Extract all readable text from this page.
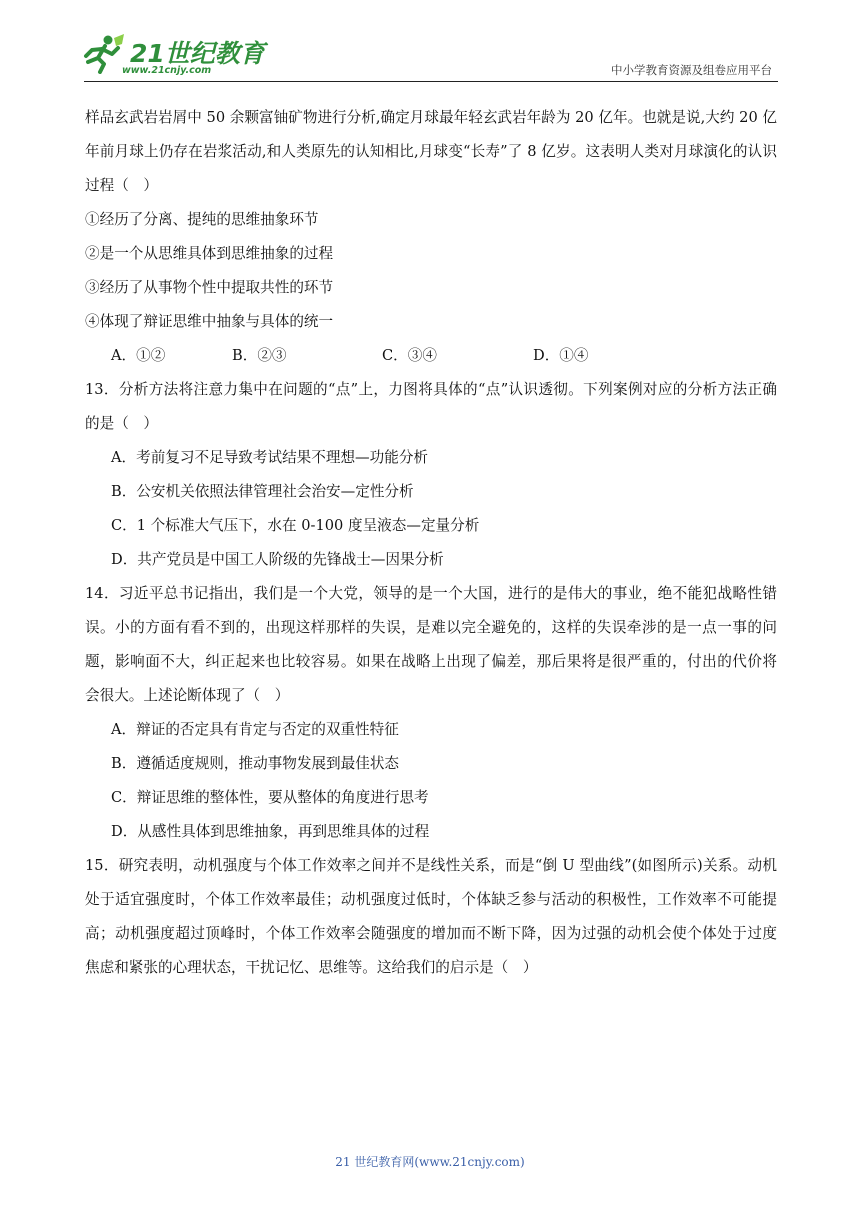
21世纪教育
www.21cnjy.com	中小学教育资源及组卷应用平台
样品玄武岩岩屑中 50 余颗富铀矿物进行分析,确定月球最年轻玄武岩年龄为 20 亿年。也就是说,大约 20 亿
年前月球上仍存在岩浆活动,和人类原先的认知相比,月球变“长寿”了 8 亿岁。这表明人类对月球演化的认识
过程（　）
①经历了分离、提纯的思维抽象环节
②是一个从思维具体到思维抽象的过程
③经历了从事物个性中提取共性的环节
④体现了辩证思维中抽象与具体的统一
A．①②	B．②③	C．③④	D．①④
13．分析方法将注意力集中在问题的“点”上，力图将具体的“点”认识透彻。下列案例对应的分析方法正确
的是（　）
A．考前复习不足导致考试结果不理想—功能分析
B．公安机关依照法律管理社会治安—定性分析
C．1 个标准大气压下，水在 0-100 度呈液态—定量分析
D．共产党员是中国工人阶级的先锋战士—因果分析
14．习近平总书记指出，我们是一个大党，领导的是一个大国，进行的是伟大的事业，绝不能犯战略性错
误。小的方面有看不到的，出现这样那样的失误，是难以完全避免的，这样的失误牵涉的是一点一事的问
题，影响面不大，纠正起来也比较容易。如果在战略上出现了偏差，那后果将是很严重的，付出的代价将
会很大。上述论断体现了（　）
A．辩证的否定具有肯定与否定的双重性特征
B．遵循适度规则，推动事物发展到最佳状态
C．辩证思维的整体性，要从整体的角度进行思考
D．从感性具体到思维抽象，再到思维具体的过程
15．研究表明，动机强度与个体工作效率之间并不是线性关系，而是“倒 U 型曲线”(如图所示)关系。动机
处于适宜强度时，个体工作效率最佳；动机强度过低时，个体缺乏参与活动的积极性，工作效率不可能提
高；动机强度超过顶峰时，个体工作效率会随强度的增加而不断下降，因为过强的动机会使个体处于过度
焦虑和紧张的心理状态，干扰记忆、思维等。这给我们的启示是（　）
21 世纪教育网(www.21cnjy.com)
